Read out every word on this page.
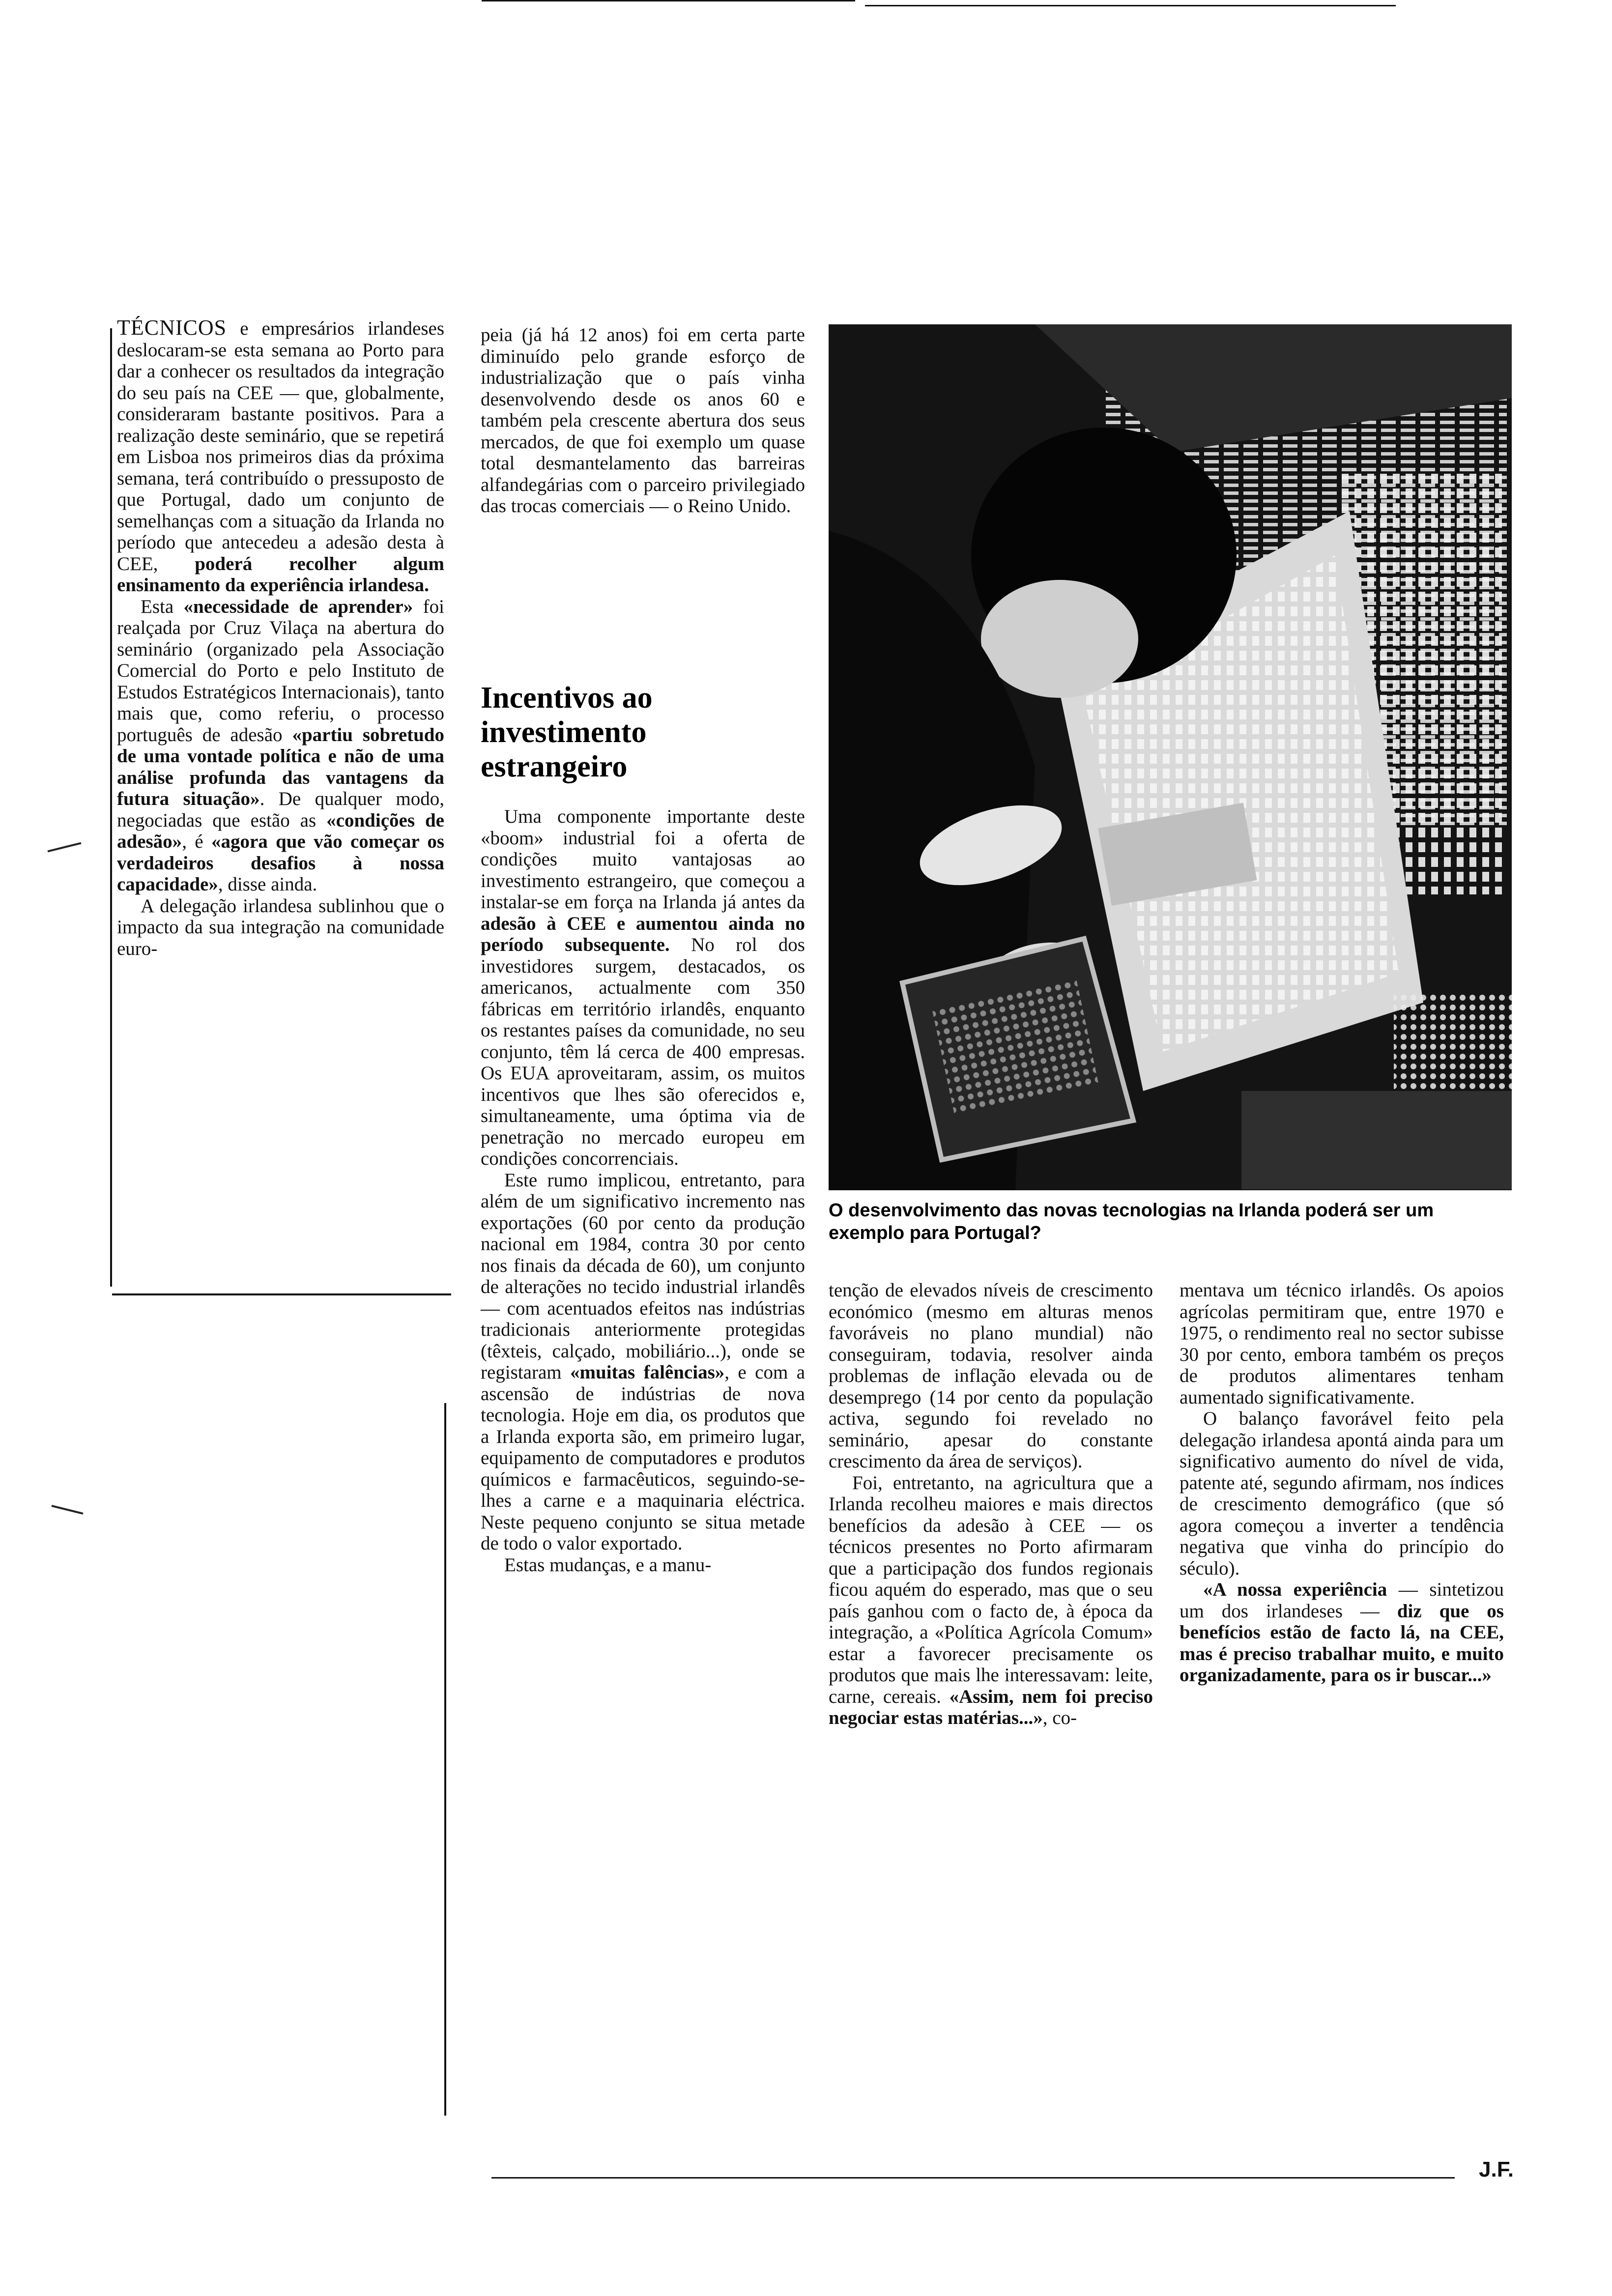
TÉCNICOS e empresários irlandeses deslocaram-se esta semana ao Porto para dar a conhecer os resultados da integração do seu país na CEE — que, globalmente, consideraram bastante positivos. Para a realização deste seminário, que se repetirá em Lisboa nos primeiros dias da próxima semana, terá contribuído o pressuposto de que Portugal, dado um conjunto de semelhanças com a situação da Irlanda no período que antecedeu a adesão desta à CEE, poderá recolher algum ensinamento da experiência irlandesa.

Esta «necessidade de aprender» foi realçada por Cruz Vilaça na abertura do seminário (organizado pela Associação Comercial do Porto e pelo Instituto de Estudos Estratégicos Internacionais), tanto mais que, como referiu, o processo português de adesão «partiu sobretudo de uma vontade política e não de uma análise profunda das vantagens da futura situação». De qualquer modo, negociadas que estão as «condições de adesão», é «agora que vão começar os verdadeiros desafios à nossa capacidade», disse ainda.

A delegação irlandesa sublinhou que o impacto da sua integração na comunidade euro-

peia (já há 12 anos) foi em certa parte diminuído pelo grande esforço de industrialização que o país vinha desenvolvendo desde os anos 60 e também pela crescente abertura dos seus mercados, de que foi exemplo um quase total desmantelamento das barreiras alfandegárias com o parceiro privilegiado das trocas comerciais — o Reino Unido.

Incentivos ao investimento estrangeiro

Uma componente importante deste «boom» industrial foi a oferta de condições muito vantajosas ao investimento estrangeiro, que começou a instalar-se em força na Irlanda já antes da adesão à CEE e aumentou ainda no período subsequente. No rol dos investidores surgem, destacados, os americanos, actualmente com 350 fábricas em território irlandês, enquanto os restantes países da comunidade, no seu conjunto, têm lá cerca de 400 empresas. Os EUA aproveitaram, assim, os muitos incentivos que lhes são oferecidos e, simultaneamente, uma óptima via de penetração no mercado europeu em condições concorrenciais.

Este rumo implicou, entretanto, para além de um significativo incremento nas exportações (60 por cento da produção nacional em 1984, contra 30 por cento nos finais da década de 60), um conjunto de alterações no tecido industrial irlandês — com acentuados efeitos nas indústrias tradicionais anteriormente protegidas (têxteis, calçado, mobiliário...), onde se registaram «muitas falências», e com a ascensão de indústrias de nova tecnologia. Hoje em dia, os produtos que a Irlanda exporta são, em primeiro lugar, equipamento de computadores e produtos químicos e farmacêuticos, seguindo-se-lhes a carne e a maquinaria eléctrica. Neste pequeno conjunto se situa metade de todo o valor exportado.

Estas mudanças, e a manu-

O desenvolvimento das novas tecnologias na Irlanda poderá ser um exemplo para Portugal?

tenção de elevados níveis de crescimento económico (mesmo em alturas menos favoráveis no plano mundial) não conseguiram, todavia, resolver ainda problemas de inflação elevada ou de desemprego (14 por cento da população activa, segundo foi revelado no seminário, apesar do constante crescimento da área de serviços).

Foi, entretanto, na agricultura que a Irlanda recolheu maiores e mais directos benefícios da adesão à CEE — os técnicos presentes no Porto afirmaram que a participação dos fundos regionais ficou aquém do esperado, mas que o seu país ganhou com o facto de, à época da integração, a «Política Agrícola Comum» estar a favorecer precisamente os produtos que mais lhe interessavam: leite, carne, cereais. «Assim, nem foi preciso negociar estas matérias...», co-

mentava um técnico irlandês. Os apoios agrícolas permitiram que, entre 1970 e 1975, o rendimento real no sector subisse 30 por cento, embora também os preços de produtos alimentares tenham aumentado significativamente.

O balanço favorável feito pela delegação irlandesa apontá ainda para um significativo aumento do nível de vida, patente até, segundo afirmam, nos índices de crescimento demográfico (que só agora começou a inverter a tendência negativa que vinha do princípio do século).

«A nossa experiência — sintetizou um dos irlandeses — diz que os benefícios estão de facto lá, na CEE, mas é preciso trabalhar muito, e muito organizadamente, para os ir buscar...»

J.F.
